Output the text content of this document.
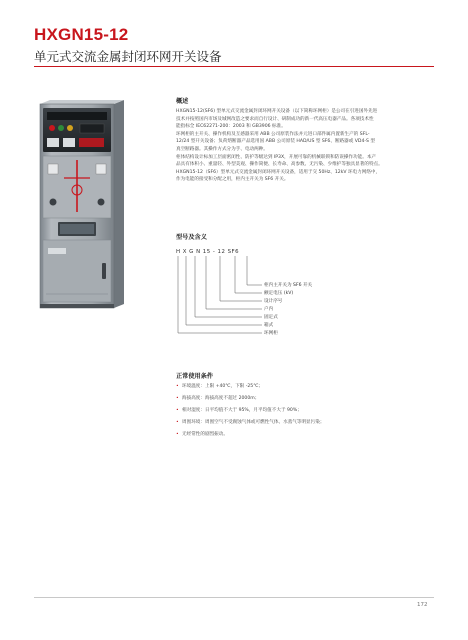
HXGN15-12
单元式交流金属封闭环网开关设备
概述
HXGN15-12(SF6) 型单元式交流金属封闭环网开关设备（以下简称环网柜）是公司在引进国外先进
技术并按照国内市场及城网改造之要求而自行设计、研制成功的新一代高压电器产品。各项技术性
能指标全 IEC62271-200：2003 和 GB3906 标准。
环网柜的主开关、操作机构及互感器采用 ABB 公司原装作法并元进口部件属内置新生产的 SFL-
12/24 型开关设备；负荷熔断器产品选用国 ABB 公司原装 HAD/US 型 SF6、断路器或 VD4-S 型
真空断路器。其操作方式分为手、电动两种。
柜体结构设计标加工层面密闭性、防护等级达到 IP3X，开展可靠的机械联锁和防误操作功能。本产
品具有体积小、重量轻、外型美观、操作简便、长寿命、高参数、无污染、少维护等独具显著的特点。
HXGN15-12（SF6）型单元式交流金属封闭环网开关设备，适用于交 50Hz、12kV 环电力网络中，
作为电能的接受和分配之用，柜内主开关为 SF6 开关。
型号及含义
H X G N 15 - 12 SF6
柜内主开关为 SF6 开关
额定电压 (kV)
设计序号
户内
固定式
箱式
环网柜
正常使用条件
• 环境温度：上限 +40℃，下限 -25℃；
• 海拔高度：海拔高度不超过 2000m；
• 相对湿度：日平均值不大于 95%，月平均值不大于 90%；
• 周围环境：周围空气不受腐蚀气体或可燃性气体、水蒸气等明显污染；
• 无经常性的剧烈振动。
172
